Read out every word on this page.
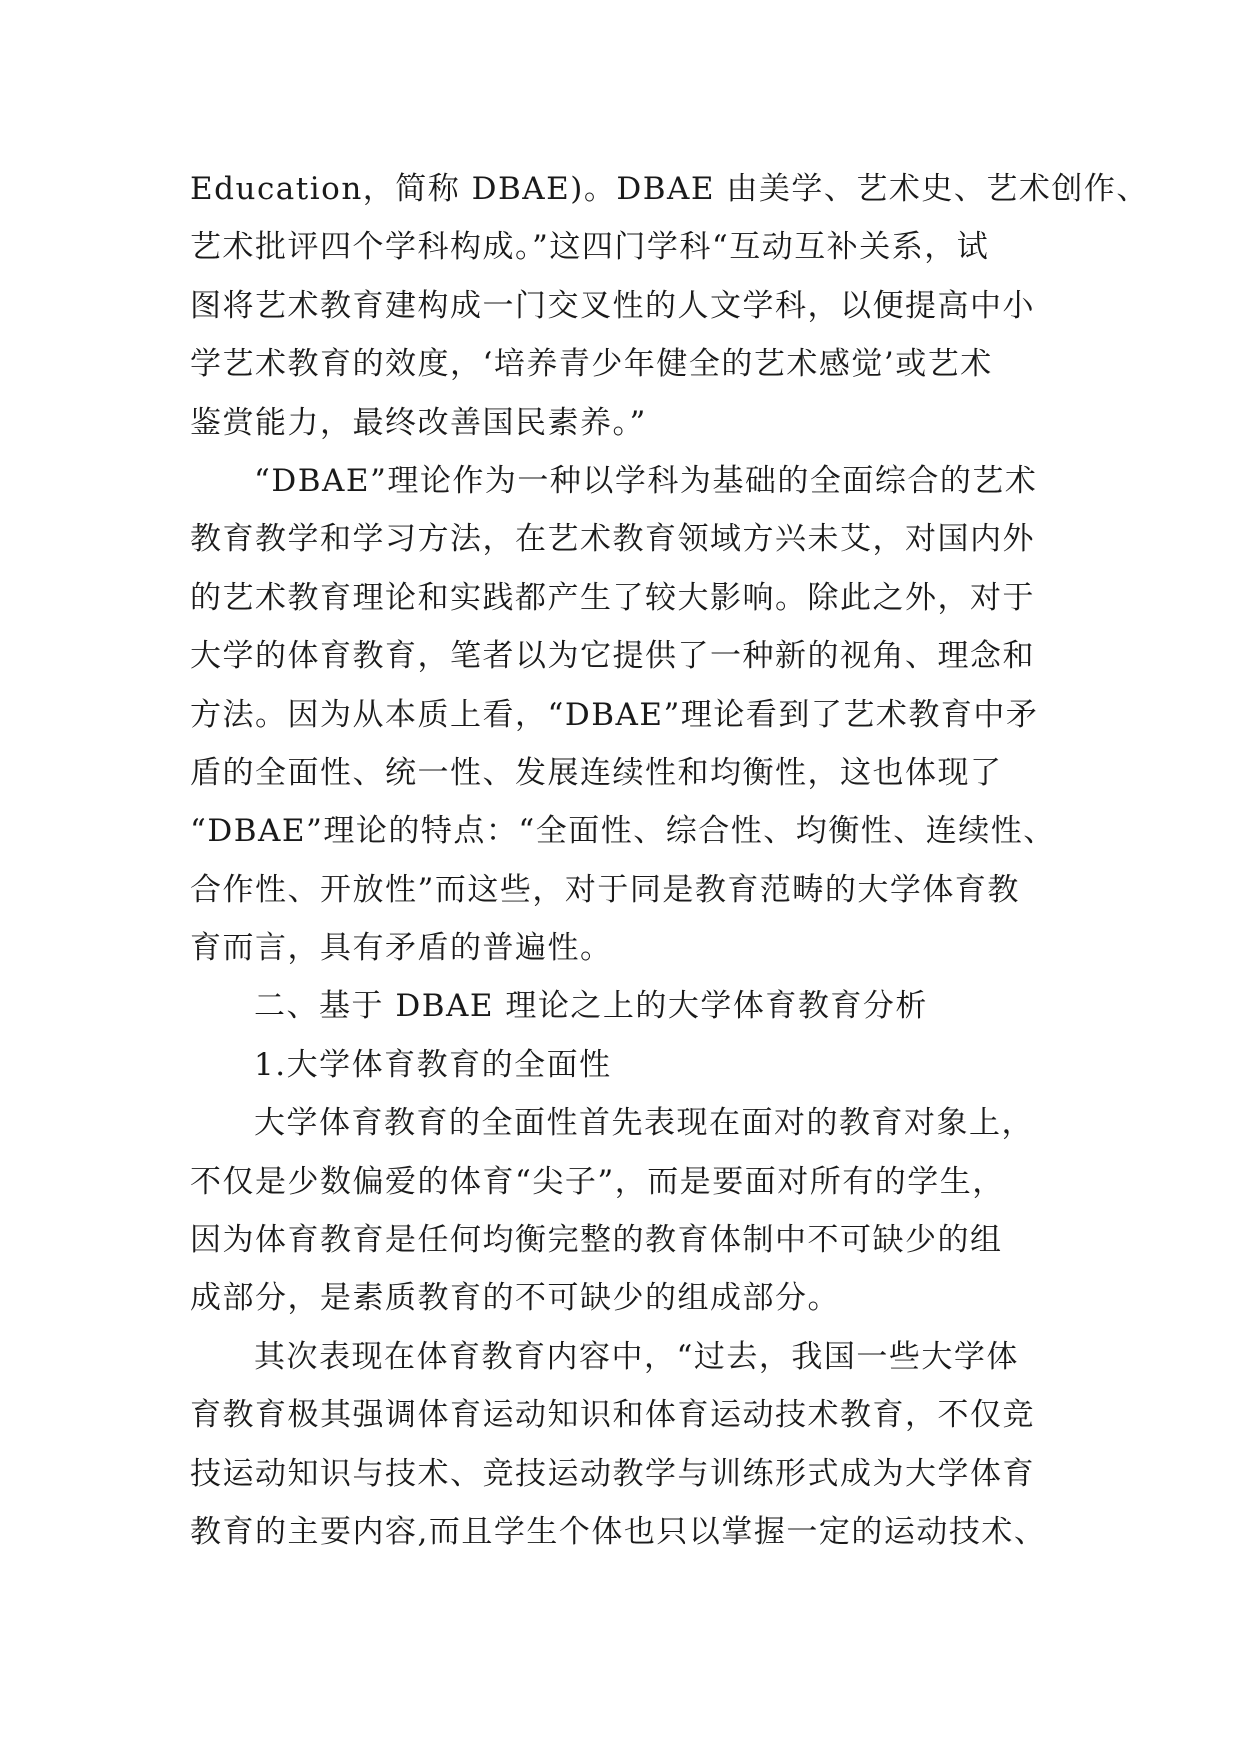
Education，简称 DBAE)。DBAE 由美学、艺术史、艺术创作、
艺术批评四个学科构成。”这四门学科“互动互补关系，试
图将艺术教育建构成一门交叉性的人文学科，以便提高中小
学艺术教育的效度，‘培养青少年健全的艺术感觉’或艺术
鉴赏能力，最终改善国民素养。”
“DBAE”理论作为一种以学科为基础的全面综合的艺术
教育教学和学习方法，在艺术教育领域方兴未艾，对国内外
的艺术教育理论和实践都产生了较大影响。除此之外，对于
大学的体育教育，笔者以为它提供了一种新的视角、理念和
方法。因为从本质上看，“DBAE”理论看到了艺术教育中矛
盾的全面性、统一性、发展连续性和均衡性，这也体现了
“DBAE”理论的特点：“全面性、综合性、均衡性、连续性、
合作性、开放性”而这些，对于同是教育范畴的大学体育教
育而言，具有矛盾的普遍性。
二、基于 DBAE 理论之上的大学体育教育分析
1.大学体育教育的全面性
大学体育教育的全面性首先表现在面对的教育对象上，
不仅是少数偏爱的体育“尖子”，而是要面对所有的学生，
因为体育教育是任何均衡完整的教育体制中不可缺少的组
成部分，是素质教育的不可缺少的组成部分。
其次表现在体育教育内容中，“过去，我国一些大学体
育教育极其强调体育运动知识和体育运动技术教育，不仅竞
技运动知识与技术、竞技运动教学与训练形式成为大学体育
教育的主要内容,而且学生个体也只以掌握一定的运动技术、
